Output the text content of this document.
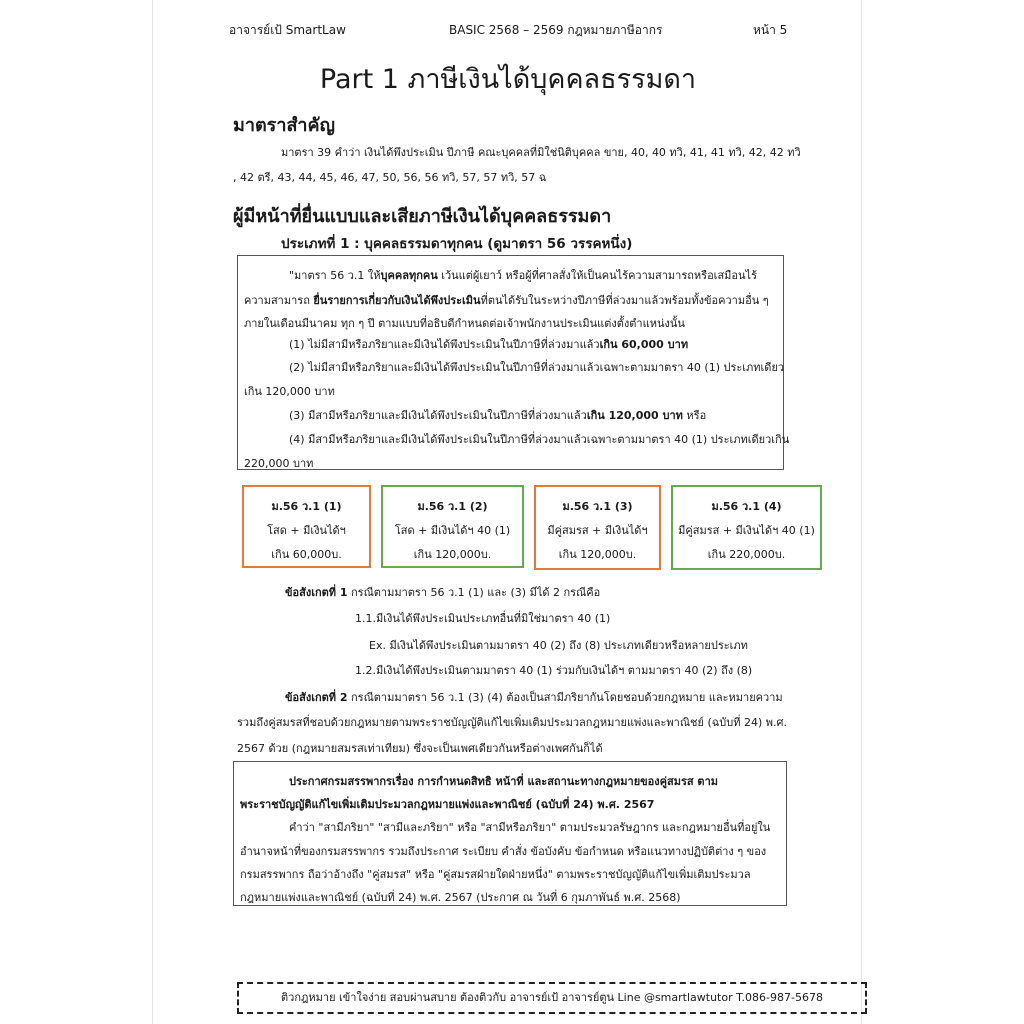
อาจารย์เป้ SmartLaw	BASIC 2568 – 2569 กฎหมายภาษีอากร	หน้า 5
Part 1 ภาษีเงินได้บุคคลธรรมดา
มาตราสำคัญ
มาตรา 39 คำว่า เงินได้พึงประเมิน ปีภาษี คณะบุคคลที่มิใช่นิติบุคคล ขาย, 40, 40 ทวิ, 41, 41 ทวิ, 42, 42 ทวิ
, 42 ตรี, 43, 44, 45, 46, 47, 50, 56, 56 ทวิ, 57, 57 ทวิ, 57 ฉ
ผู้มีหน้าที่ยื่นแบบและเสียภาษีเงินได้บุคคลธรรมดา
ประเภทที่ 1 : บุคคลธรรมดาทุกคน (ดูมาตรา 56 วรรคหนึ่ง)
"มาตรา 56 ว.1 ให้บุคคลทุกคน เว้นแต่ผู้เยาว์ หรือผู้ที่ศาลสั่งให้เป็นคนไร้ความสามารถหรือเสมือนไร้
ความสามารถ ยื่นรายการเกี่ยวกับเงินได้พึงประเมินที่ตนได้รับในระหว่างปีภาษีที่ล่วงมาแล้วพร้อมทั้งข้อความอื่น ๆ
ภายในเดือนมีนาคม ทุก ๆ ปี ตามแบบที่อธิบดีกำหนดต่อเจ้าพนักงานประเมินแต่งตั้งตำแหน่งนั้น
(1) ไม่มีสามีหรือภริยาและมีเงินได้พึงประเมินในปีภาษีที่ล่วงมาแล้วเกิน 60,000 บาท
(2) ไม่มีสามีหรือภริยาและมีเงินได้พึงประเมินในปีภาษีที่ล่วงมาแล้วเฉพาะตามมาตรา 40 (1) ประเภทเดียว
เกิน 120,000 บาท
(3) มีสามีหรือภริยาและมีเงินได้พึงประเมินในปีภาษีที่ล่วงมาแล้วเกิน 120,000 บาท หรือ
(4) มีสามีหรือภริยาและมีเงินได้พึงประเมินในปีภาษีที่ล่วงมาแล้วเฉพาะตามมาตรา 40 (1) ประเภทเดียวเกิน
220,000 บาท
ม.56 ว.1 (1)
โสด + มีเงินได้ฯ
เกิน 60,000บ.
ม.56 ว.1 (2)
โสด + มีเงินได้ฯ 40 (1)
เกิน 120,000บ.
ม.56 ว.1 (3)
มีคู่สมรส + มีเงินได้ฯ
เกิน 120,000บ.
ม.56 ว.1 (4)
มีคู่สมรส + มีเงินได้ฯ 40 (1)
เกิน 220,000บ.
ข้อสังเกตที่ 1 กรณีตามมาตรา 56 ว.1 (1) และ (3) มีได้ 2 กรณีคือ
1.1.มีเงินได้พึงประเมินประเภทอื่นที่มิใช่มาตรา 40 (1)
Ex. มีเงินได้พึงประเมินตามมาตรา 40 (2) ถึง (8) ประเภทเดียวหรือหลายประเภท
1.2.มีเงินได้พึงประเมินตามมาตรา 40 (1) ร่วมกับเงินได้ฯ ตามมาตรา 40 (2) ถึง (8)
ข้อสังเกตที่ 2 กรณีตามมาตรา 56 ว.1 (3) (4) ต้องเป็นสามีภริยากันโดยชอบด้วยกฎหมาย และหมายความ
รวมถึงคู่สมรสที่ชอบด้วยกฎหมายตามพระราชบัญญัติแก้ไขเพิ่มเติมประมวลกฎหมายแพ่งและพาณิชย์ (ฉบับที่ 24) พ.ศ.
2567 ด้วย (กฎหมายสมรสเท่าเทียม) ซึ่งจะเป็นเพศเดียวกันหรือต่างเพศกันก็ได้
ประกาศกรมสรรพากรเรื่อง การกำหนดสิทธิ หน้าที่ และสถานะทางกฎหมายของคู่สมรส ตาม
พระราชบัญญัติแก้ไขเพิ่มเติมประมวลกฎหมายแพ่งและพาณิชย์ (ฉบับที่ 24) พ.ศ. 2567
คำว่า "สามีภริยา" "สามีและภริยา" หรือ "สามีหรือภริยา" ตามประมวลรัษฎากร และกฎหมายอื่นที่อยู่ใน
อำนาจหน้าที่ของกรมสรรพากร รวมถึงประกาศ ระเบียบ คำสั่ง ข้อบังคับ ข้อกำหนด หรือแนวทางปฏิบัติต่าง ๆ ของ
กรมสรรพากร ถือว่าอ้างถึง "คู่สมรส" หรือ "คู่สมรสฝ่ายใดฝ่ายหนึ่ง" ตามพระราชบัญญัติแก้ไขเพิ่มเติมประมวล
กฎหมายแพ่งและพาณิชย์ (ฉบับที่ 24) พ.ศ. 2567 (ประกาศ ณ วันที่ 6 กุมภาพันธ์ พ.ศ. 2568)
ติวกฎหมาย เข้าใจง่าย สอบผ่านสบาย ต้องติวกับ อาจารย์เป้ อาจารย์ตูน Line @smartlawtutor T.086-987-5678
